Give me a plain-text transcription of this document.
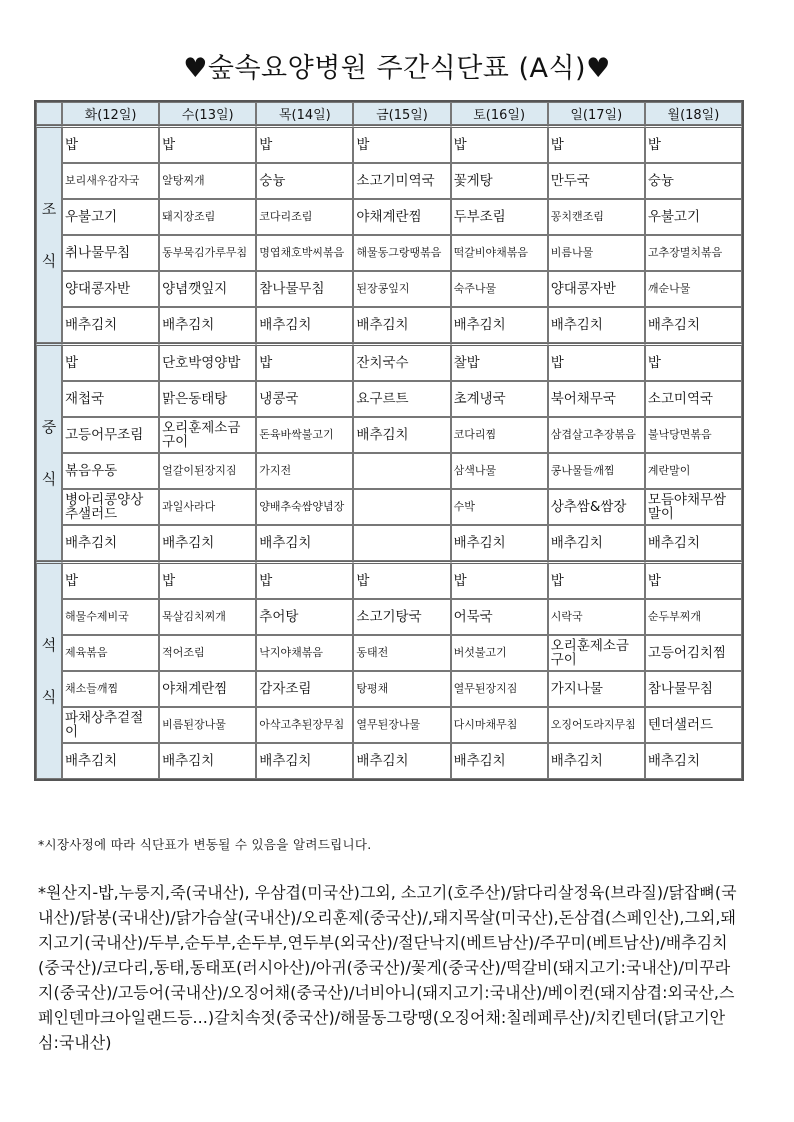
♥숲속요양병원 주간식단표 (A식)♥
	화(12일)	수(13일)	목(14일)	금(15일)	토(16일)	일(17일)	월(18일)
조

식	밥	밥	밥	밥	밥	밥	밥
	보리새우감자국	알탕찌개	숭늉	소고기미역국	꽃게탕	만두국	숭늉
	우불고기	돼지장조림	코다리조림	야채계란찜	두부조림	꽁치캔조림	우불고기
	취나물무침	동부묵김가루무침	명엽채호박씨볶음	해물동그랑땡볶음	떡갈비야채볶음	비름나물	고추장멸치볶음
	양대콩자반	양념깻잎지	참나물무침	된장콩잎지	숙주나물	양대콩자반	깨순나물
	배추김치	배추김치	배추김치	배추김치	배추김치	배추김치	배추김치
중

식	밥	단호박영양밥	밥	잔치국수	찰밥	밥	밥
	재첩국	맑은동태탕	냉콩국	요구르트	초계냉국	북어채무국	소고미역국
	고등어무조림	오리훈제소금구이	돈육바싹불고기	배추김치	코다리찜	삼겹살고추장볶음	불낙당면볶음
	볶음우동	얼갈이된장지짐	가지전		삼색나물	콩나물들깨찜	계란말이
	병아리콩양상추샐러드	과일사라다	양배추숙쌈양념장		수박	상추쌈&쌈장	모듬야채무쌈말이
	배추김치	배추김치	배추김치		배추김치	배추김치	배추김치
석

식	밥	밥	밥	밥	밥	밥	밥
	해물수제비국	묵살김치찌개	추어탕	소고기탕국	어묵국	시락국	순두부찌개
	제육볶음	적어조림	낙지야채볶음	동태전	버섯불고기	오리훈제소금구이	고등어김치찜
	채소들깨찜	야채계란찜	감자조림	탕평채	열무된장지짐	가지나물	참나물무침
	파채상추겉절이	비름된장나물	아삭고추된장무침	열무된장나물	다시마채무침	오징어도라지무침	텐더샐러드
	배추김치	배추김치	배추김치	배추김치	배추김치	배추김치	배추김치
*시장사정에 따라 식단표가 변동될 수 있음을 알려드립니다.
*원산지-밥,누룽지,죽(국내산), 우삼겹(미국산)그외, 소고기(호주산)/닭다리살정육(브라질)/닭잡뼈(국내산)/닭봉(국내산)/닭가슴살(국내산)/오리훈제(중국산)/,돼지목살(미국산),돈삼겹(스페인산),그외,돼지고기(국내산)/두부,순두부,손두부,연두부(외국산)/절단낙지(베트남산)/주꾸미(베트남산)/배추김치(중국산)/코다리,동태,동태포(러시아산)/아귀(중국산)/꽃게(중국산)/떡갈비(돼지고기:국내산)/미꾸라지(중국산)/고등어(국내산)/오징어채(중국산)/너비아니(돼지고기:국내산)/베이컨(돼지삼겹:외국산,스페인덴마크아일랜드등...)갈치속젓(중국산)/해물동그랑땡(오징어채:칠레페루산)/치킨텐더(닭고기안심:국내산)
